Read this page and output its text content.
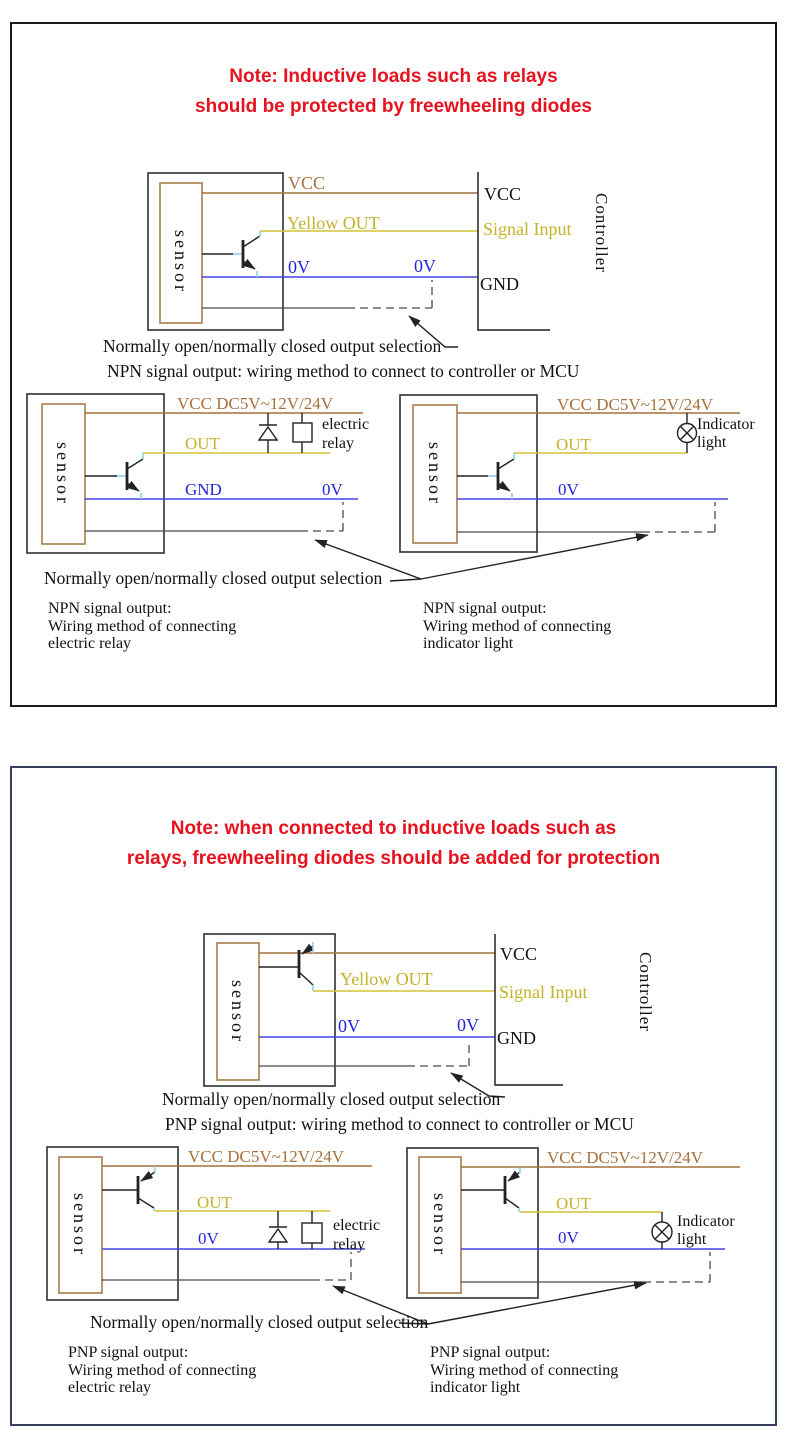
Note: Inductive loads such as relays
should be protected by freewheeling diodes
Note: when connected to inductive loads such as
relays, freewheeling diodes should be added for protection
sensor
VCC
Yellow OUT
0V	0V
VCC
Signal Input
GND
Controller
sensor
VCC DC5V~12V/24V
OUT
GND	0V
electric
relay	sensor
VCC DC5V~12V/24V
OUT
0V
Indicator
light
sensor
Yellow OUT
0V	0V
VCC
Signal Input
GND
Controller
sensor
VCC DC5V~12V/24V
OUT
0V
electric
relay	sensor
VCC DC5V~12V/24V
OUT
0V
Indicator
light
Normally open/normally closed output selection
NPN signal output: wiring method to connect to controller or MCU
Normally open/normally closed output selection
NPN signal output:
Wiring method of connecting
electric relay
NPN signal output:
Wiring method of connecting
indicator light
Normally open/normally closed output selection
PNP signal output: wiring method to connect to controller or MCU
Normally open/normally closed output selection
PNP signal output:
Wiring method of connecting
electric relay
PNP signal output:
Wiring method of connecting
indicator light
